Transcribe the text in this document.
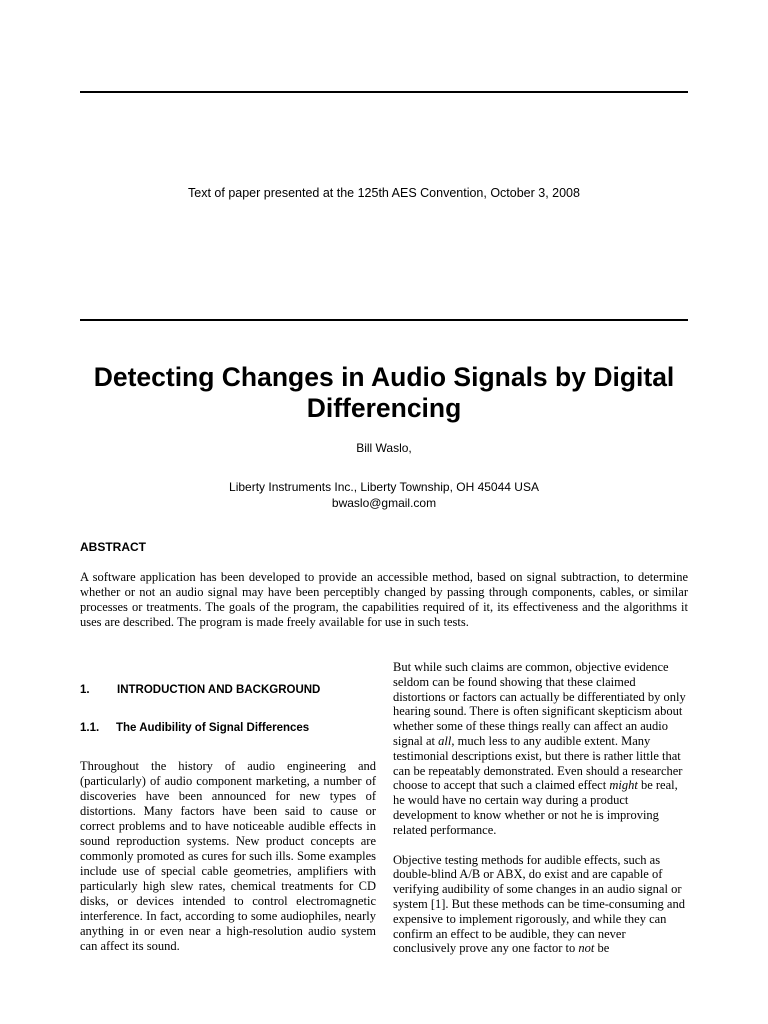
Text of paper presented at the 125th AES Convention, October 3, 2008
Detecting Changes in Audio Signals by Digital Differencing
Bill Waslo,
Liberty Instruments Inc., Liberty Township, OH 45044 USA
bwaslo@gmail.com
ABSTRACT

A software application has been developed to provide an accessible method, based on signal subtraction, to determine whether or not an audio signal may have been perceptibly changed by passing through components, cables, or similar processes or treatments. The goals of the program, the capabilities required of it, its effectiveness and the algorithms it uses are described. The program is made freely available for use in such tests.

1. INTRODUCTION AND BACKGROUND
1.1. The Audibility of Signal Differences

Throughout the history of audio engineering and (particularly) of audio component marketing, a number of discoveries have been announced for new types of distortions. Many factors have been said to cause or correct problems and to have noticeable audible effects in sound reproduction systems. New product concepts are commonly promoted as cures for such ills. Some examples include use of special cable geometries, amplifiers with particularly high slew rates, chemical treatments for CD disks, or devices intended to control electromagnetic interference. In fact, according to some audiophiles, nearly anything in or even near a high-resolution audio system can affect its sound.

But while such claims are common, objective evidence seldom can be found showing that these claimed distortions or factors can actually be differentiated by only hearing sound. There is often significant skepticism about whether some of these things really can affect an audio signal at all, much less to any audible extent. Many testimonial descriptions exist, but there is rather little that can be repeatably demonstrated. Even should a researcher choose to accept that such a claimed effect might be real, he would have no certain way during a product development to know whether or not he is improving related performance.

Objective testing methods for audible effects, such as double-blind A/B or ABX, do exist and are capable of verifying audibility of some changes in an audio signal or system [1]. But these methods can be time-consuming and expensive to implement rigorously, and while they can confirm an effect to be audible, they can never conclusively prove any one factor to not be
